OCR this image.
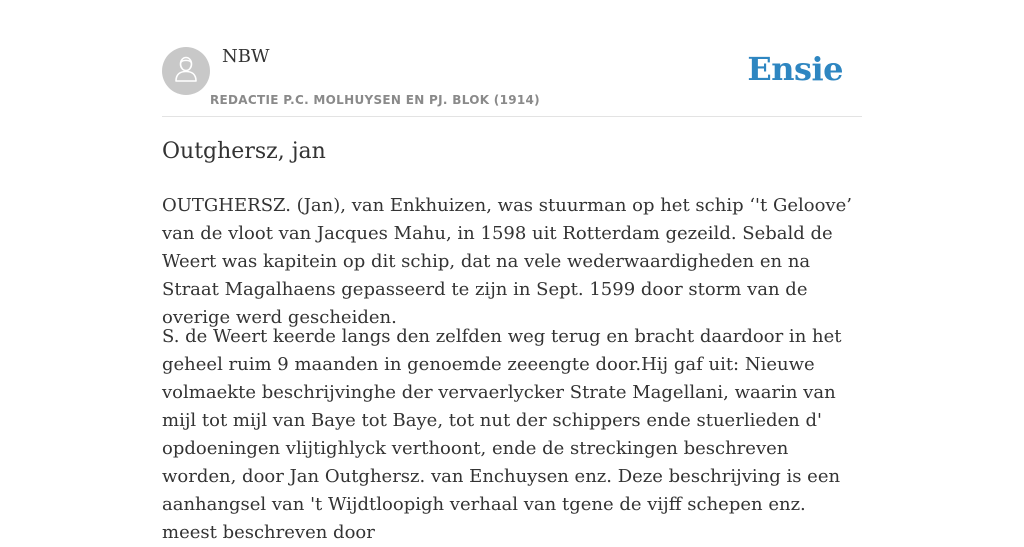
NBW
REDACTIE P.C. MOLHUYSEN EN PJ. BLOK (1914)
Ensie
Outghersz, jan

OUTGHERSZ. (Jan), van Enkhuizen, was stuurman op het schip ‘'t Geloove’ van de vloot van Jacques Mahu, in 1598 uit Rotterdam gezeild. Sebald de Weert was kapitein op dit schip, dat na vele wederwaardigheden en na Straat Magalhaens gepasseerd te zijn in Sept. 1599 door storm van de overige werd gescheiden.

S. de Weert keerde langs den zelfden weg terug en bracht daardoor in het geheel ruim 9 maanden in genoemde zeeengte door.Hij gaf uit: Nieuwe volmaekte beschrijvinghe der vervaerlycker Strate Magellani, waarin van mijl tot mijl van Baye tot Baye, tot nut der schippers ende stuerlieden d' opdoeningen vlijtighlyck verthoont, ende de streckingen beschreven worden, door Jan Outghersz. van Enchuysen enz. Deze beschrijving is een aanhangsel van 't Wijdtloopigh verhaal van tgene de vijff schepen enz. meest beschreven door
